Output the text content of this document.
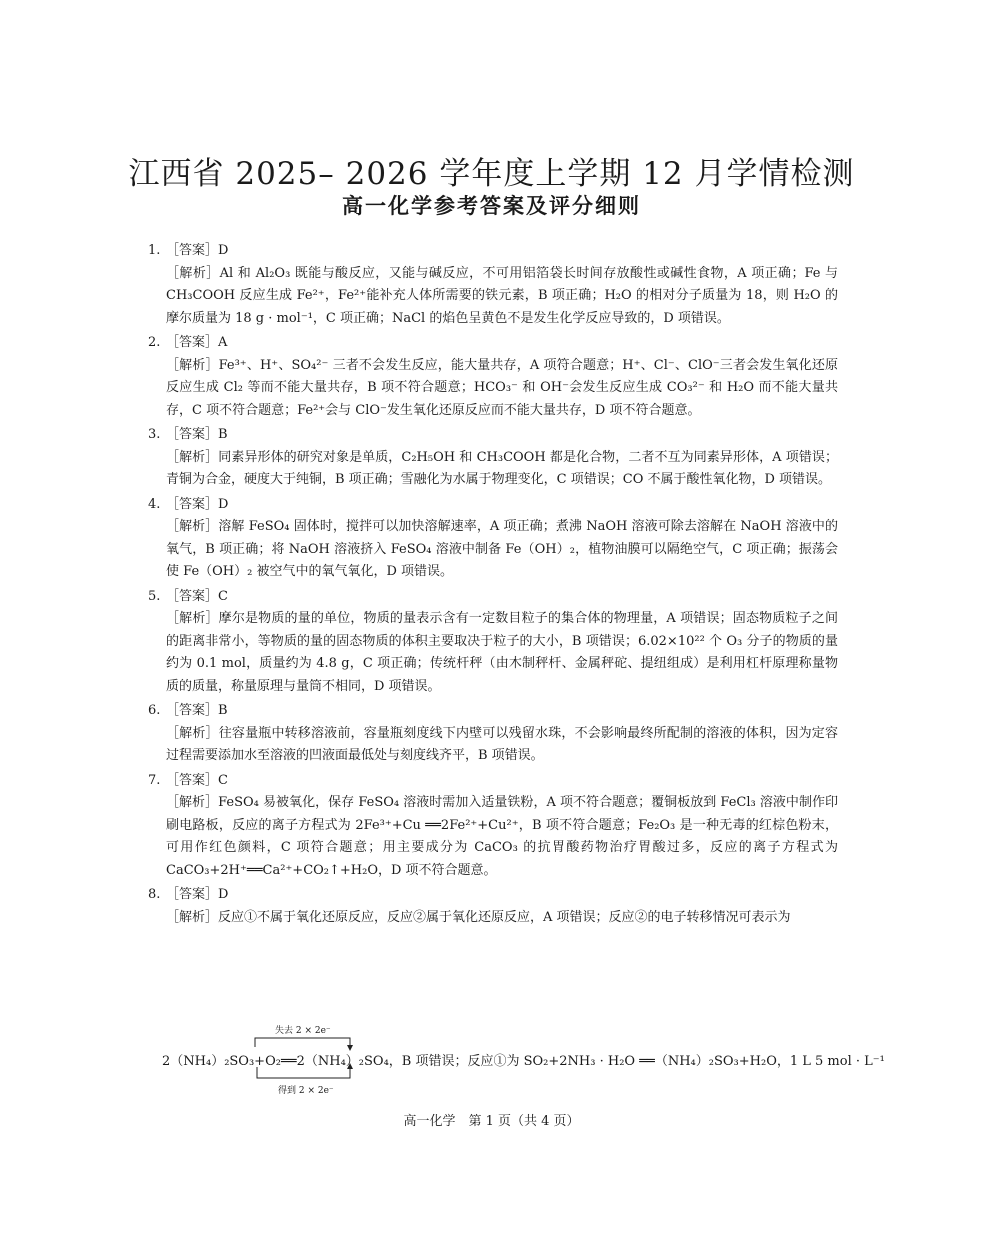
江西省 2025– 2026 学年度上学期 12 月学情检测
高一化学参考答案及评分细则

1. ［答案］D

［解析］Al 和 Al₂O₃ 既能与酸反应，又能与碱反应，不可用铝箔袋长时间存放酸性或碱性食物，A 项正确；Fe 与 CH₃COOH 反应生成 Fe²⁺，Fe²⁺能补充人体所需要的铁元素，B 项正确；H₂O 的相对分子质量为 18，则 H₂O 的摩尔质量为 18 g · mol⁻¹，C 项正确；NaCl 的焰色呈黄色不是发生化学反应导致的，D 项错误。

2. ［答案］A

［解析］Fe³⁺、H⁺、SO₄²⁻ 三者不会发生反应，能大量共存，A 项符合题意；H⁺、Cl⁻、ClO⁻三者会发生氧化还原反应生成 Cl₂ 等而不能大量共存，B 项不符合题意；HCO₃⁻ 和 OH⁻会发生反应生成 CO₃²⁻ 和 H₂O 而不能大量共存，C 项不符合题意；Fe²⁺会与 ClO⁻发生氧化还原反应而不能大量共存，D 项不符合题意。

3. ［答案］B

［解析］同素异形体的研究对象是单质，C₂H₅OH 和 CH₃COOH 都是化合物，二者不互为同素异形体，A 项错误；青铜为合金，硬度大于纯铜，B 项正确；雪融化为水属于物理变化，C 项错误；CO 不属于酸性氧化物，D 项错误。

4. ［答案］D

［解析］溶解 FeSO₄ 固体时，搅拌可以加快溶解速率，A 项正确；煮沸 NaOH 溶液可除去溶解在 NaOH 溶液中的氧气，B 项正确；将 NaOH 溶液挤入 FeSO₄ 溶液中制备 Fe（OH）₂，植物油膜可以隔绝空气，C 项正确；振荡会使 Fe（OH）₂ 被空气中的氧气氧化，D 项错误。

5. ［答案］C

［解析］摩尔是物质的量的单位，物质的量表示含有一定数目粒子的集合体的物理量，A 项错误；固态物质粒子之间的距离非常小，等物质的量的固态物质的体积主要取决于粒子的大小，B 项错误；6.02×10²² 个 O₃ 分子的物质的量约为 0.1 mol，质量约为 4.8 g，C 项正确；传统杆秤（由木制秤杆、金属秤砣、提纽组成）是利用杠杆原理称量物质的质量，称量原理与量筒不相同，D 项错误。

6. ［答案］B

［解析］往容量瓶中转移溶液前，容量瓶刻度线下内壁可以残留水珠，不会影响最终所配制的溶液的体积，因为定容过程需要添加水至溶液的凹液面最低处与刻度线齐平，B 项错误。

7. ［答案］C

［解析］FeSO₄ 易被氧化，保存 FeSO₄ 溶液时需加入适量铁粉，A 项不符合题意；覆铜板放到 FeCl₃ 溶液中制作印刷电路板，反应的离子方程式为 2Fe³⁺+Cu ══2Fe²⁺+Cu²⁺，B 项不符合题意；Fe₂O₃ 是一种无毒的红棕色粉末，可用作红色颜料，C 项符合题意；用主要成分为 CaCO₃ 的抗胃酸药物治疗胃酸过多，反应的离子方程式为 CaCO₃+2H⁺══Ca²⁺+CO₂↑+H₂O，D 项不符合题意。

8. ［答案］D

［解析］反应①不属于氧化还原反应，反应②属于氧化还原反应，A 项错误；反应②的电子转移情况可表示为

失去 2 × 2e⁻
得到 2 × 2e⁻
2（NH₄）₂SO₃+O₂══2（NH₄）₂SO₄，B 项错误；反应①为 SO₂+2NH₃ · H₂O ══（NH₄）₂SO₃+H₂O，1 L 5 mol · L⁻¹
高一化学　第 1 页（共 4 页）
